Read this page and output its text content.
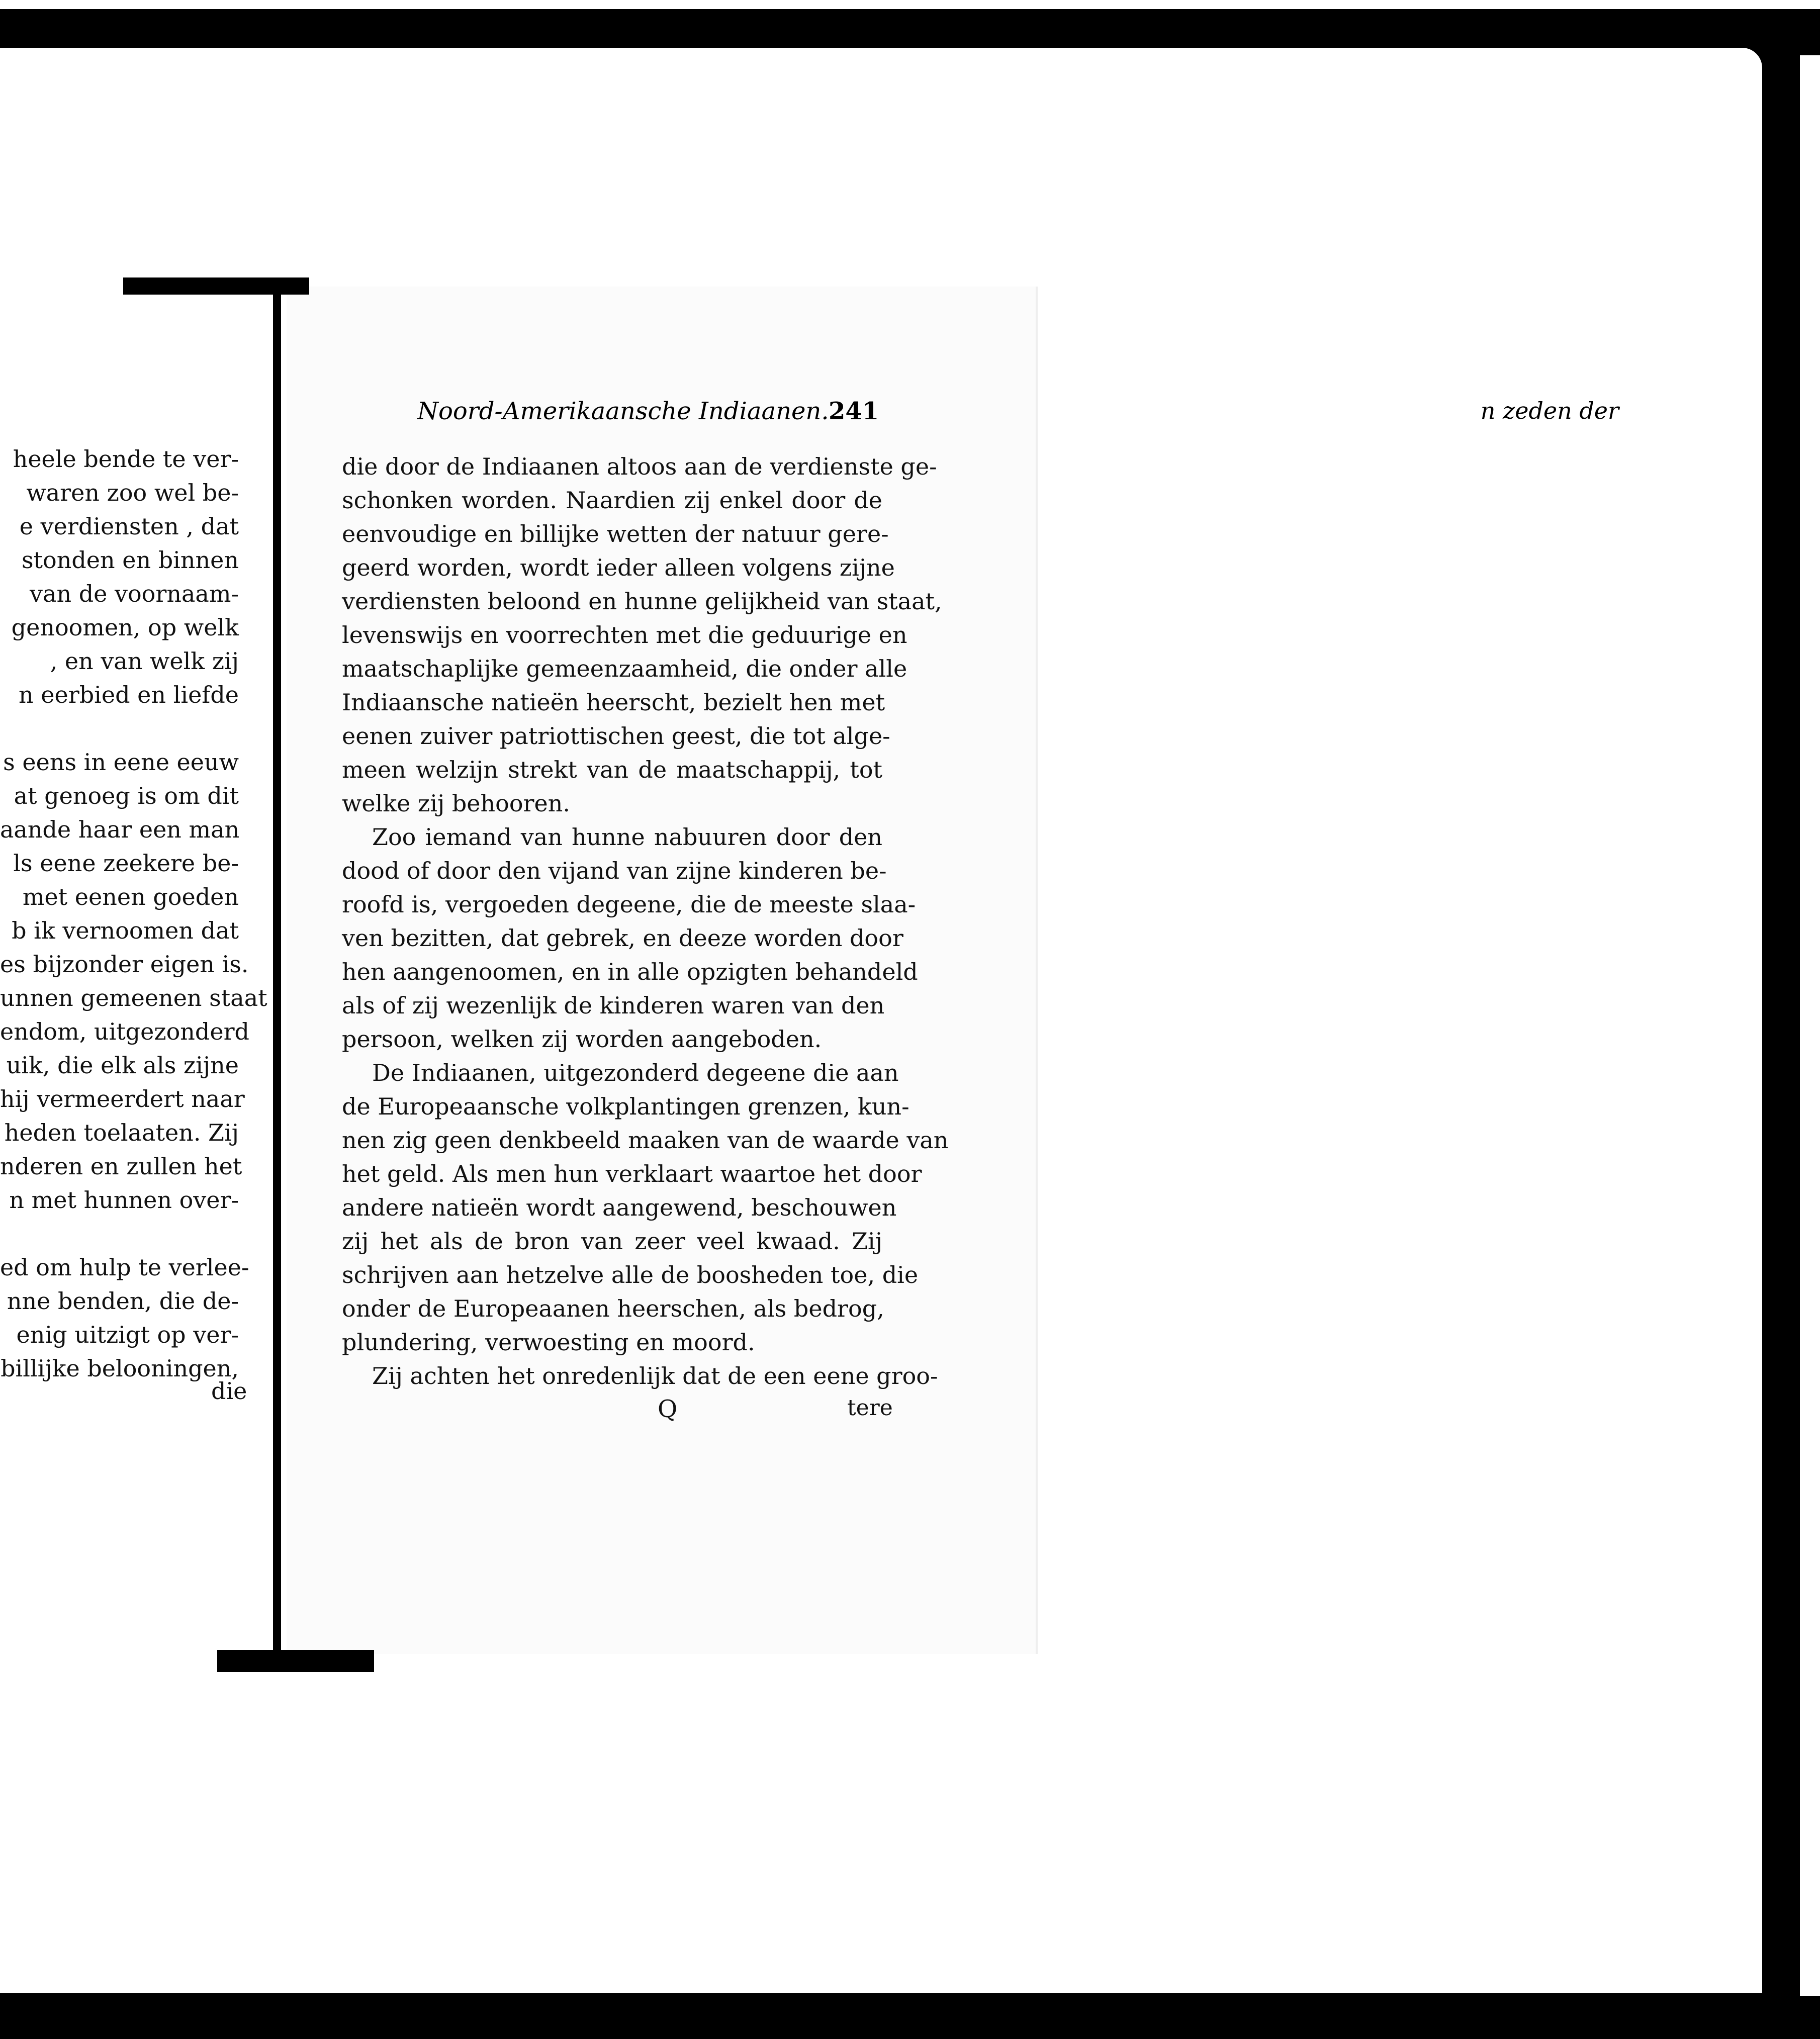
n zeden der
heele bende te ver-
waren zoo wel be-
e verdiensten , dat
stonden en binnen
van de voornaam-
genoomen, op welk
, en van welk zij
n eerbied en liefde
s eens in eene eeuw
at genoeg is om dit
aande haar een man
ls eene zeekere be-
met eenen goeden
b ik vernoomen dat
es bijzonder eigen is.
unnen gemeenen staat
endom, uitgezonderd
uik, die elk als zijne
hij vermeerdert naar
heden toelaaten. Zij
nderen en zullen het
n met hunnen over-
ed om hulp te verlee-
nne benden, die de-
enig uitzigt op ver-
billijke belooningen,
die
Noord-Amerikaansche Indiaanen. 241
die door de Indiaanen altoos aan de verdienste ge-
schonken worden. Naardien zij enkel door de
eenvoudige en billijke wetten der natuur gere-
geerd worden, wordt ieder alleen volgens zijne
verdiensten beloond en hunne gelijkheid van staat,
levenswijs en voorrechten met die geduurige en
maatschaplijke gemeenzaamheid, die onder alle
Indiaansche natieën heerscht, bezielt hen met
eenen zuiver patriottischen geest, die tot alge-
meen welzijn strekt van de maatschappij, tot
welke zij behooren.
Zoo iemand van hunne nabuuren door den
dood of door den vijand van zijne kinderen be-
roofd is, vergoeden degeene, die de meeste slaa-
ven bezitten, dat gebrek, en deeze worden door
hen aangenoomen, en in alle opzigten behandeld
als of zij wezenlijk de kinderen waren van den
persoon, welken zij worden aangeboden.
De Indiaanen, uitgezonderd degeene die aan
de Europeaansche volkplantingen grenzen, kun-
nen zig geen denkbeeld maaken van de waarde van
het geld. Als men hun verklaart waartoe het door
andere natieën wordt aangewend, beschouwen
zij het als de bron van zeer veel kwaad. Zij
schrijven aan hetzelve alle de boosheden toe, die
onder de Europeaanen heerschen, als bedrog,
plundering, verwoesting en moord.
Zij achten het onredenlijk dat de een eene groo-
Q	tere
